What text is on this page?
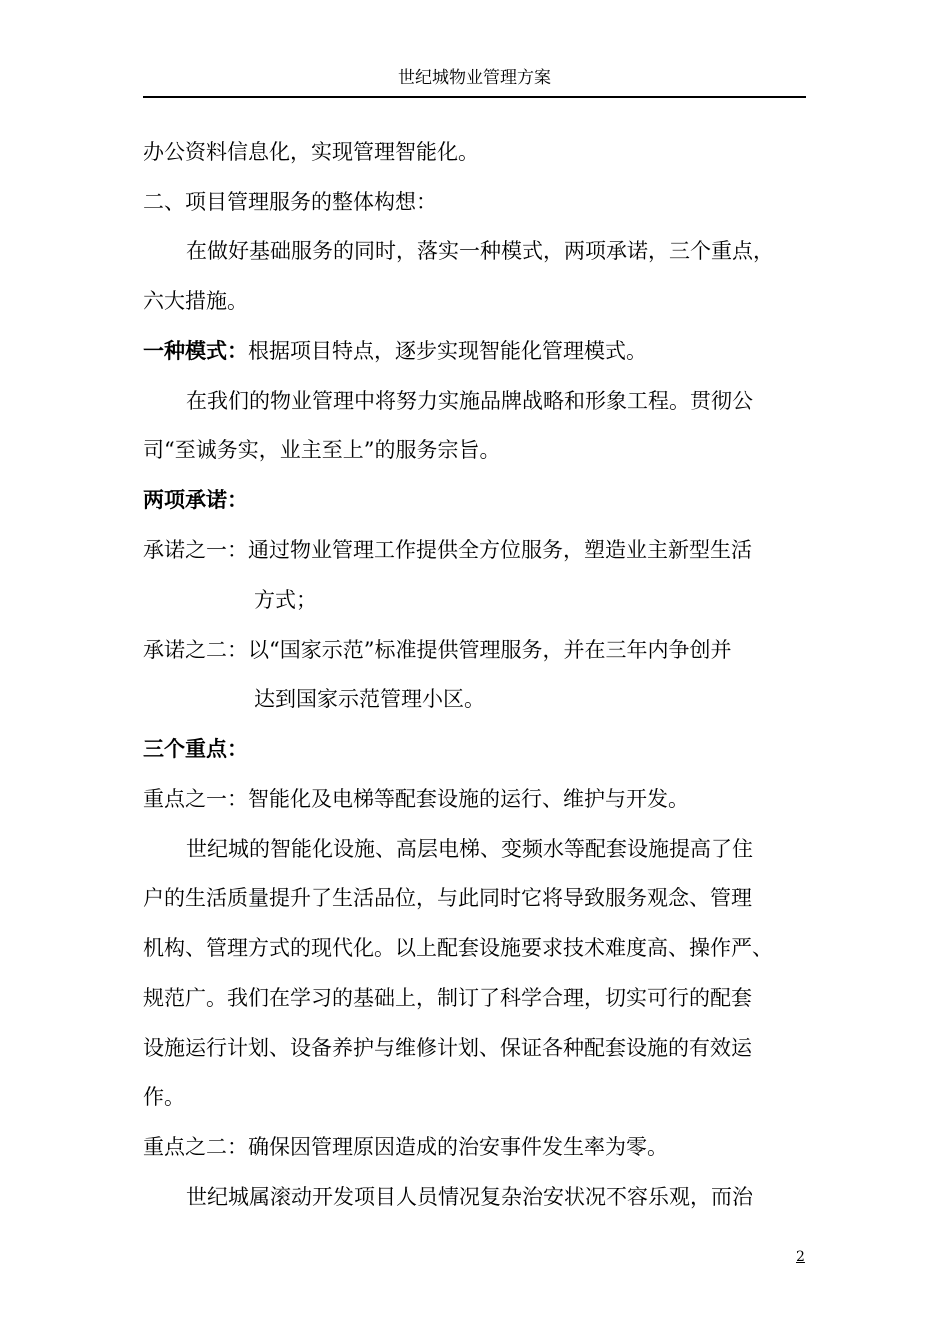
世纪城物业管理方案
办公资料信息化，实现管理智能化。
二、项目管理服务的整体构想：
在做好基础服务的同时，落实一种模式，两项承诺，三个重点，
六大措施。
一种模式：根据项目特点，逐步实现智能化管理模式。
在我们的物业管理中将努力实施品牌战略和形象工程。贯彻公
司“至诚务实，业主至上”的服务宗旨。
两项承诺：
承诺之一：通过物业管理工作提供全方位服务，塑造业主新型生活
方式；
承诺之二：以“国家示范”标准提供管理服务，并在三年内争创并
达到国家示范管理小区。
三个重点：
重点之一：智能化及电梯等配套设施的运行、维护与开发。
世纪城的智能化设施、高层电梯、变频水等配套设施提高了住
户的生活质量提升了生活品位，与此同时它将导致服务观念、管理
机构、管理方式的现代化。以上配套设施要求技术难度高、操作严、
规范广。我们在学习的基础上，制订了科学合理，切实可行的配套
设施运行计划、设备养护与维修计划、保证各种配套设施的有效运
作。
重点之二：确保因管理原因造成的治安事件发生率为零。
世纪城属滚动开发项目人员情况复杂治安状况不容乐观，而治
2
